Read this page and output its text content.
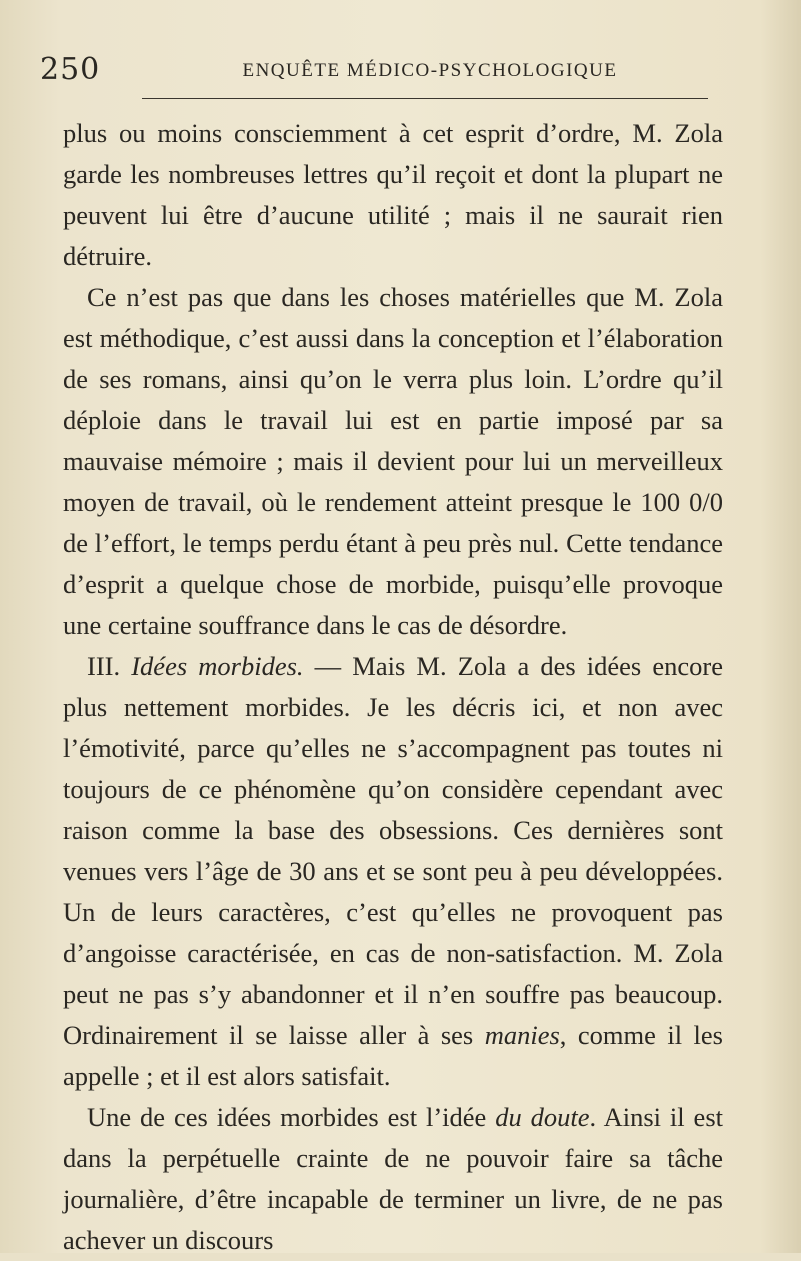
250	ENQUÊTE MÉDICO-PSYCHOLOGIQUE

plus ou moins consciemment à cet esprit d’ordre, M. Zola garde les nombreuses lettres qu’il reçoit et dont la plupart ne peuvent lui être d’aucune utilité ; mais il ne saurait rien détruire.

Ce n’est pas que dans les choses matérielles que M. Zola est méthodique, c’est aussi dans la conception et l’élaboration de ses romans, ainsi qu’on le verra plus loin. L’ordre qu’il déploie dans le travail lui est en partie imposé par sa mauvaise mémoire ; mais il devient pour lui un merveilleux moyen de travail, où le rendement atteint presque le 100 0/0 de l’effort, le temps perdu étant à peu près nul. Cette tendance d’esprit a quelque chose de morbide, puisqu’elle provoque une certaine souffrance dans le cas de désordre.

III. Idées morbides. — Mais M. Zola a des idées encore plus nettement morbides. Je les décris ici, et non avec l’émotivité, parce qu’elles ne s’accompagnent pas toutes ni toujours de ce phénomène qu’on considère cependant avec raison comme la base des obsessions. Ces dernières sont venues vers l’âge de 30 ans et se sont peu à peu développées. Un de leurs caractères, c’est qu’elles ne provoquent pas d’angoisse caractérisée, en cas de non-satisfaction. M. Zola peut ne pas s’y abandonner et il n’en souffre pas beaucoup. Ordinairement il se laisse aller à ses manies, comme il les appelle ; et il est alors satisfait.

Une de ces idées morbides est l’idée du doute. Ainsi il est dans la perpétuelle crainte de ne pouvoir faire sa tâche journalière, d’être incapable de terminer un livre, de ne pas achever un discours
